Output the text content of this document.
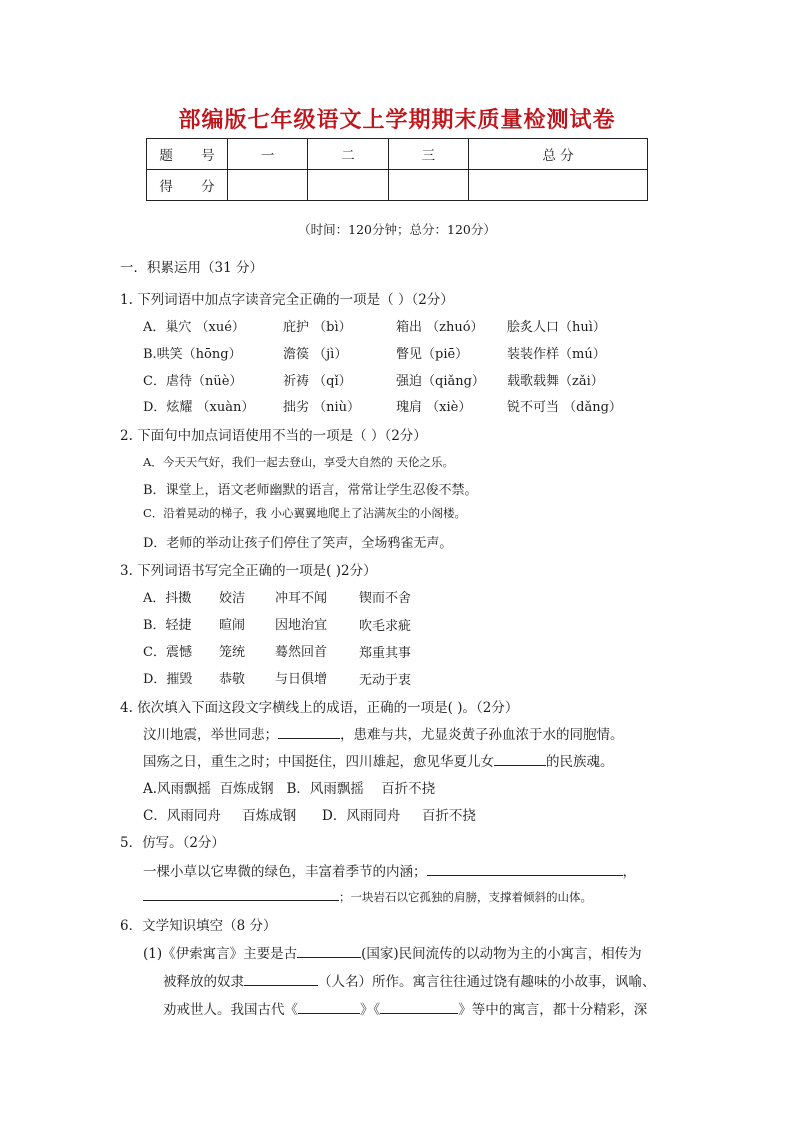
部编版七年级语文上学期期末质量检测试卷
题 号	一	二	三	总 分
得 分				
（时间：120分钟；总分：120分）
一．积累运用（31 分）
1. 下列词语中加点字读音完全正确的一项是（ ）（2分）
A．巢穴 （xué）	庇护 （bì）	箱出 （zhuó） 脍炙人口（huì）
B.哄笑（hōng）	澹篌 （jì）	瞥见（piē）	装装作样（mú）
C．虐待（nüè）	祈祷 （qǐ）	强迫（qiǎng） 载歌载舞（zǎi）
D．炫耀 （xuàn） 拙劣 （niù）	瑰肩 （xiè）	锐不可当 （dǎng）
2. 下面句中加点词语使用不当的一项是（ ）（2分）
A．今天天气好，我们一起去登山，享受大自然的 天伦之乐。
B．课堂上，语文老师幽默的语言，常常让学生忍俊不禁。
C．沿着晃动的梯子，我 小心翼翼地爬上了沾满灰尘的小阁楼。
D．老师的举动让孩子们停住了笑声，全场鸦雀无声。
3. 下列词语书写完全正确的一项是( )2分）
A．抖擞 姣洁 冲耳不闻 锲而不舍
B．轻捷 暄闹 因地治宜 吹毛求疵
C．震憾 笼统 蓦然回首 郑重其事
D．摧毁 恭敬 与日俱增 无动于衷
4. 依次填入下面这段文字横线上的成语，正确的一项是( )。（2分）
汶川地震，举世同悲；	，患难与共，尤显炎黄子孙血浓于水的同胞情。
国殇之日，重生之时；中国挺住，四川雄起，愈见华夏儿女	的民族魂。
A.风雨飘摇  百炼成钢   B．风雨飘摇    百折不挠
C．风雨同舟     百炼成钢      D．风雨同舟     百折不挠
5．仿写。（2分）
一棵小草以它卑微的绿色，丰富着季节的内涵；	，
；一块岩石以它孤独的肩膀，支撑着倾斜的山体。
6．文学知识填空（8 分）
(1)《伊索寓言》主要是古	(国家)民间流传的以动物为主的小寓言，相传为
被释放的奴隶	（人名）所作。寓言往往通过饶有趣味的小故事，讽喻、
劝戒世人。我国古代《	》《	》等中的寓言，都十分精彩，深
